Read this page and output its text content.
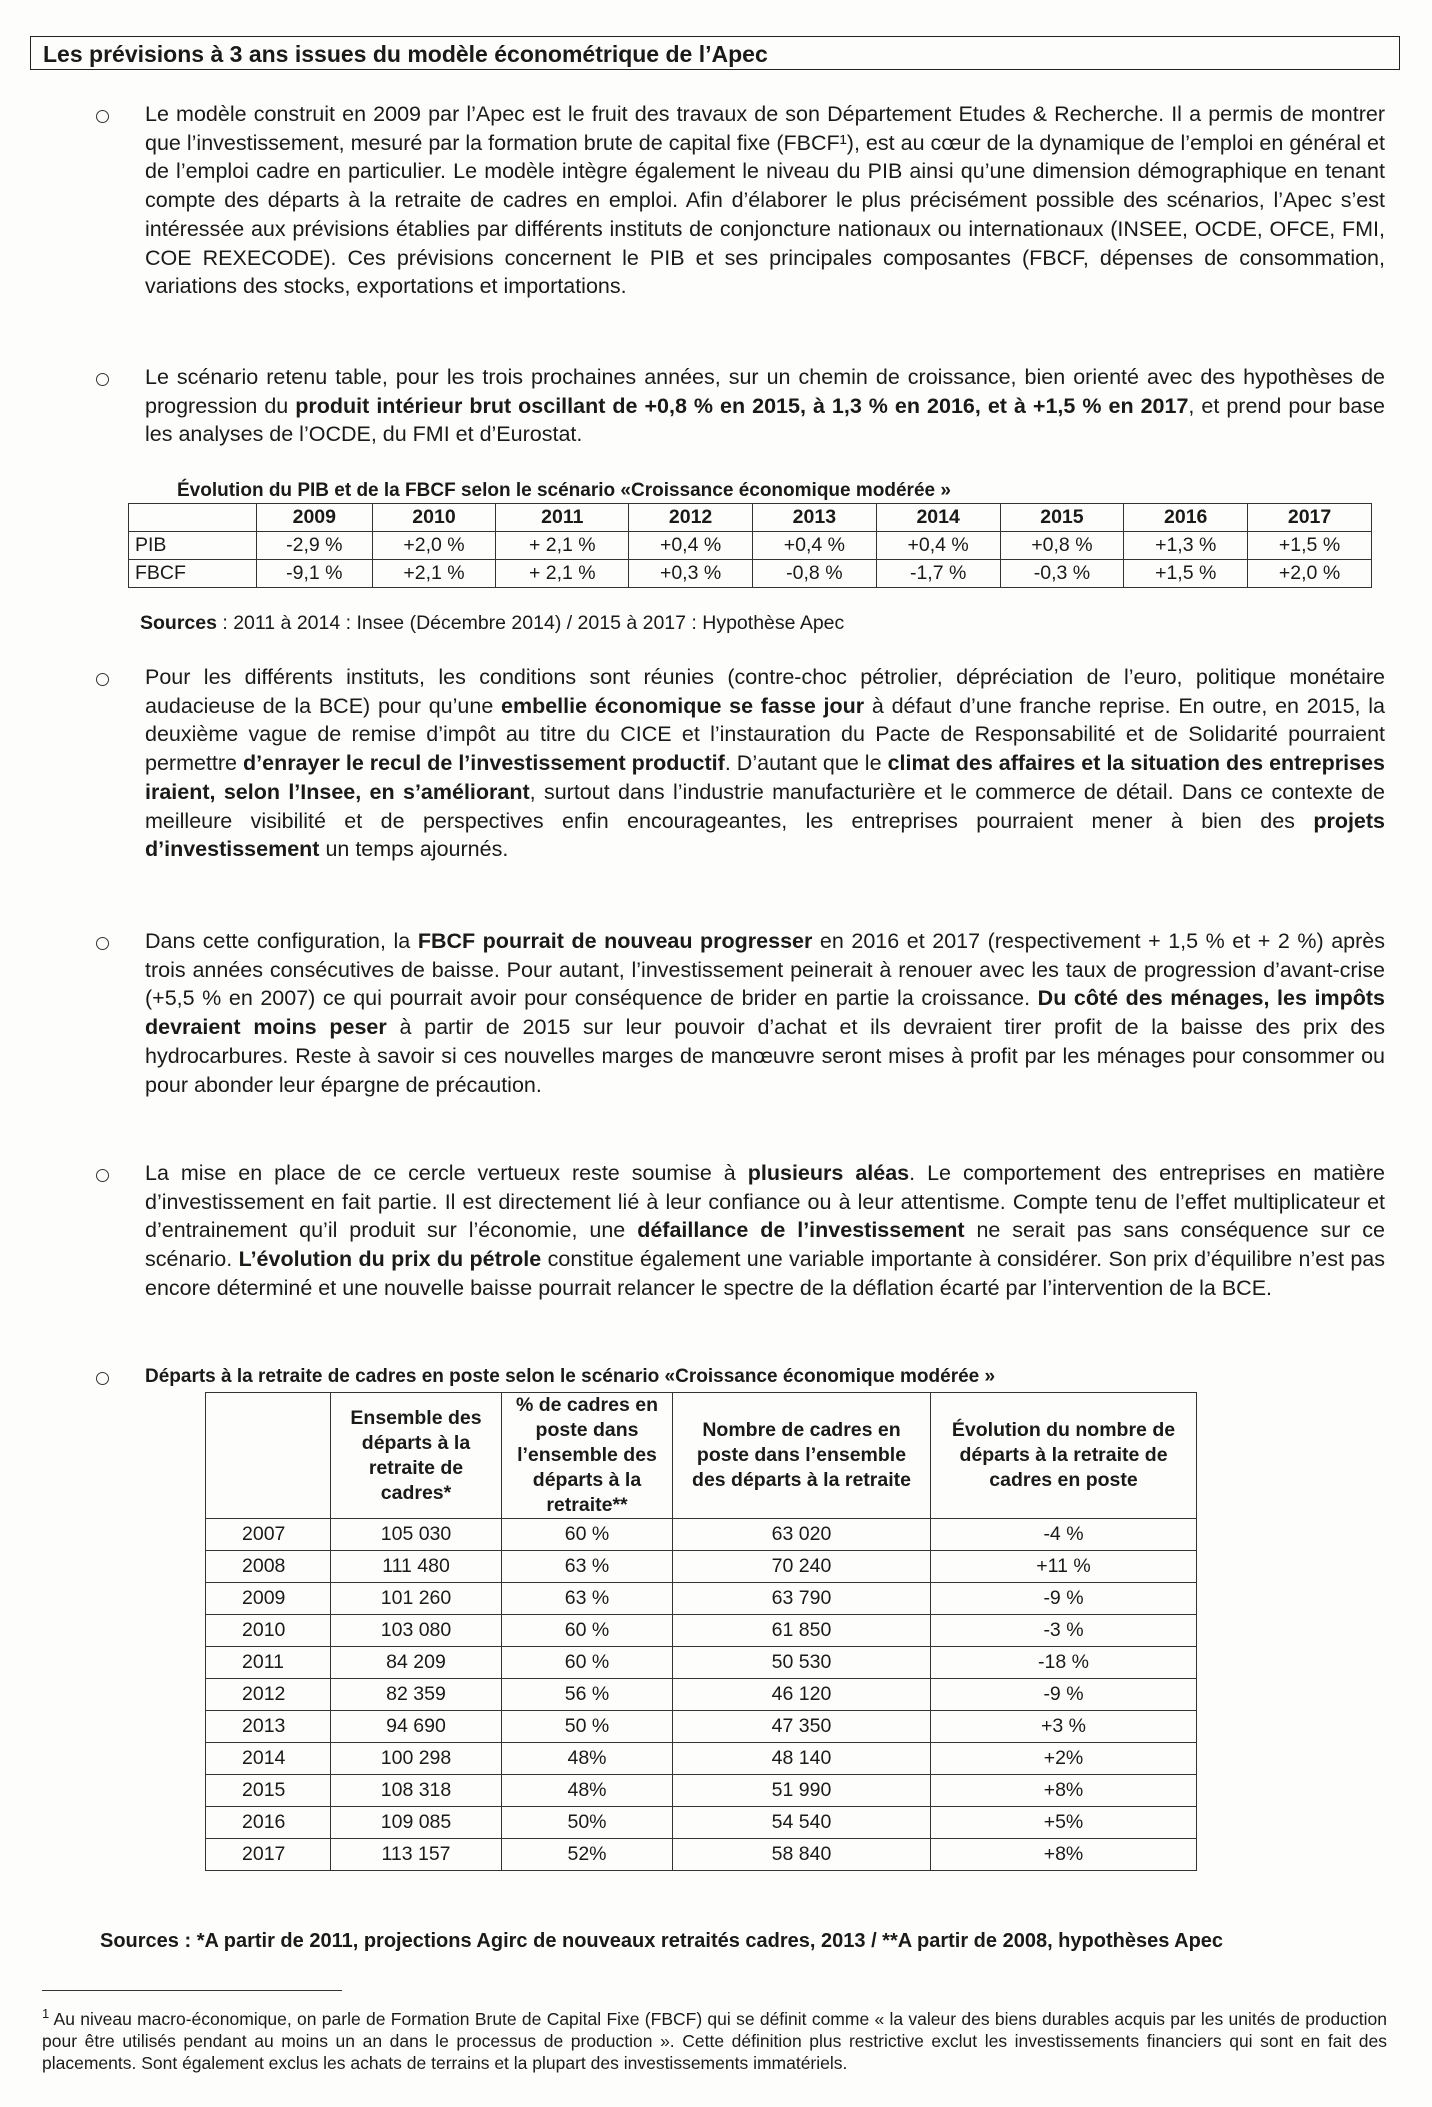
Les prévisions à 3 ans issues du modèle économétrique de l’Apec
Le modèle construit en 2009 par l’Apec est le fruit des travaux de son Département Etudes & Recherche. Il a permis de montrer que l’investissement, mesuré par la formation brute de capital fixe (FBCF¹), est au cœur de la dynamique de l’emploi en général et de l’emploi cadre en particulier. Le modèle intègre également le niveau du PIB ainsi qu’une dimension démographique en tenant compte des départs à la retraite de cadres en emploi. Afin d’élaborer le plus précisément possible des scénarios, l’Apec s’est intéressée aux prévisions établies par différents instituts de conjoncture nationaux ou internationaux (INSEE, OCDE, OFCE, FMI, COE REXECODE). Ces prévisions concernent le PIB et ses principales composantes (FBCF, dépenses de consommation, variations des stocks, exportations et importations.
Le scénario retenu table, pour les trois prochaines années, sur un chemin de croissance, bien orienté avec des hypothèses de progression du produit intérieur brut oscillant de +0,8 % en 2015, à 1,3 % en 2016, et à +1,5 % en 2017, et prend pour base les analyses de l’OCDE, du FMI et d’Eurostat.
Évolution du PIB et de la FBCF selon le scénario «Croissance économique modérée »
	2009	2010	2011	2012	2013	2014	2015	2016	2017
PIB	-2,9 %	+2,0 %	+ 2,1 %	+0,4 %	+0,4 %	+0,4 %	+0,8 %	+1,3 %	+1,5 %
FBCF	-9,1 %	+2,1 %	+ 2,1 %	+0,3 %	-0,8 %	-1,7 %	-0,3 %	+1,5 %	+2,0 %
Sources : 2011 à 2014 : Insee (Décembre 2014) / 2015 à 2017 : Hypothèse Apec
Pour les différents instituts, les conditions sont réunies (contre-choc pétrolier, dépréciation de l’euro, politique monétaire audacieuse de la BCE) pour qu’une embellie économique se fasse jour à défaut d’une franche reprise. En outre, en 2015, la deuxième vague de remise d’impôt au titre du CICE et l’instauration du Pacte de Responsabilité et de Solidarité pourraient permettre d’enrayer le recul de l’investissement productif. D’autant que le climat des affaires et la situation des entreprises iraient, selon l’Insee, en s’améliorant, surtout dans l’industrie manufacturière et le commerce de détail. Dans ce contexte de meilleure visibilité et de perspectives enfin encourageantes, les entreprises pourraient mener à bien des projets d’investissement un temps ajournés.
Dans cette configuration, la FBCF pourrait de nouveau progresser en 2016 et 2017 (respectivement + 1,5 % et + 2 %) après trois années consécutives de baisse. Pour autant, l’investissement peinerait à renouer avec les taux de progression d’avant-crise (+5,5 % en 2007) ce qui pourrait avoir pour conséquence de brider en partie la croissance. Du côté des ménages, les impôts devraient moins peser à partir de 2015 sur leur pouvoir d’achat et ils devraient tirer profit de la baisse des prix des hydrocarbures. Reste à savoir si ces nouvelles marges de manœuvre seront mises à profit par les ménages pour consommer ou pour abonder leur épargne de précaution.
La mise en place de ce cercle vertueux reste soumise à plusieurs aléas. Le comportement des entreprises en matière d’investissement en fait partie. Il est directement lié à leur confiance ou à leur attentisme. Compte tenu de l’effet multiplicateur et d’entrainement qu’il produit sur l’économie, une défaillance de l’investissement ne serait pas sans conséquence sur ce scénario. L’évolution du prix du pétrole constitue également une variable importante à considérer. Son prix d’équilibre n’est pas encore déterminé et une nouvelle baisse pourrait relancer le spectre de la déflation écarté par l’intervention de la BCE.
Départs à la retraite de cadres en poste selon le scénario «Croissance économique modérée »
	Ensemble des départs à la retraite de cadres*	% de cadres en poste dans l’ensemble des départs à la retraite**	Nombre de cadres en poste dans l’ensemble des départs à la retraite	Évolution du nombre de départs à la retraite de cadres en poste
2007	105 030	60 %	63 020	-4 %
2008	111 480	63 %	70 240	+11 %
2009	101 260	63 %	63 790	-9 %
2010	103 080	60 %	61 850	-3 %
2011	84 209	60 %	50 530	-18 %
2012	82 359	56 %	46 120	-9 %
2013	94 690	50 %	47 350	+3 %
2014	100 298	48%	48 140	+2%
2015	108 318	48%	51 990	+8%
2016	109 085	50%	54 540	+5%
2017	113 157	52%	58 840	+8%
Sources : *A partir de 2011, projections Agirc de nouveaux retraités cadres, 2013 / **A partir de 2008, hypothèses Apec
$^1$ Au niveau macro-économique, on parle de Formation Brute de Capital Fixe (FBCF) qui se définit comme « la valeur des biens durables acquis par les unités de production pour être utilisés pendant au moins un an dans le processus de production ». Cette définition plus restrictive exclut les investissements financiers qui sont en fait des placements. Sont également exclus les achats de terrains et la plupart des investissements immatériels.
